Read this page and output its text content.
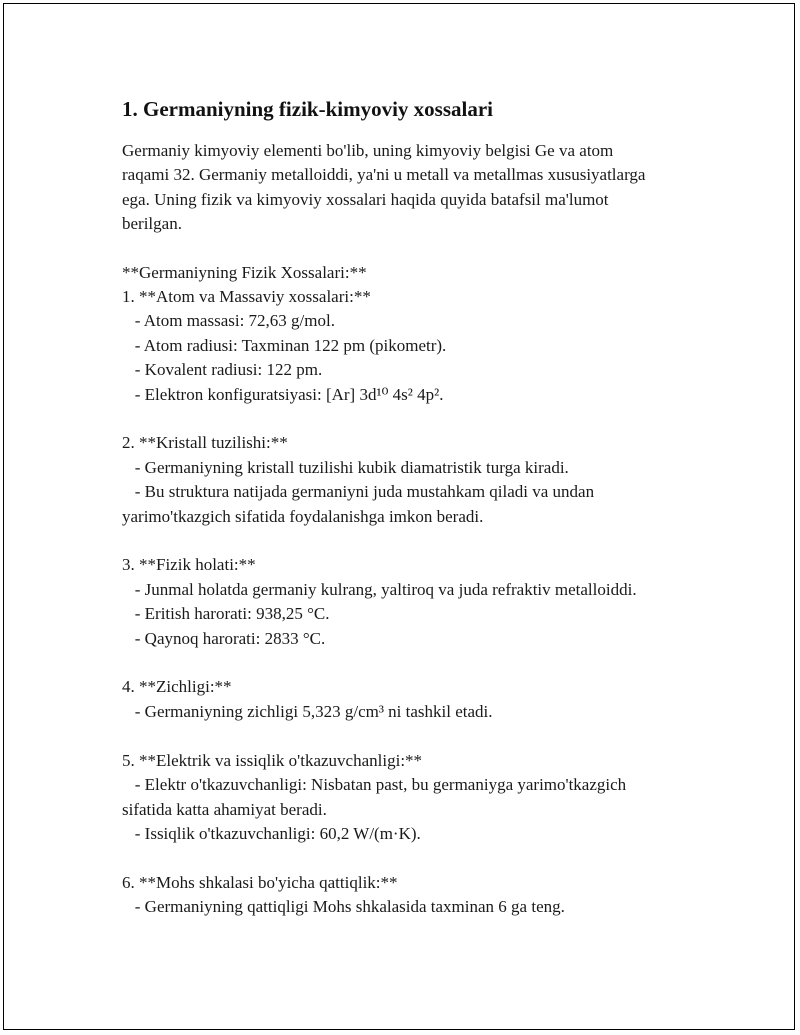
1. Germaniyning fizik-kimyoviy xossalari

Germaniy kimyoviy elementi bo'lib, uning kimyoviy belgisi Ge va atom
raqami 32. Germaniy metalloiddi, ya'ni u metall va metallmas xususiyatlarga
ega. Uning fizik va kimyoviy xossalari haqida quyida batafsil ma'lumot
berilgan.

**Germaniyning Fizik Xossalari:**
1. **Atom va Massaviy xossalari:**
- Atom massasi: 72,63 g/mol.
- Atom radiusi: Taxminan 122 pm (pikometr).
- Kovalent radiusi: 122 pm.
- Elektron konfiguratsiyasi: [Ar] 3d¹⁰ 4s² 4p².
2. **Kristall tuzilishi:**
- Germaniyning kristall tuzilishi kubik diamatristik turga kiradi.
- Bu struktura natijada germaniyni juda mustahkam qiladi va undan
yarimo'tkazgich sifatida foydalanishga imkon beradi.
3. **Fizik holati:**
- Junmal holatda germaniy kulrang, yaltiroq va juda refraktiv metalloiddi.
- Eritish harorati: 938,25 °C.
- Qaynoq harorati: 2833 °C.
4. **Zichligi:**
- Germaniyning zichligi 5,323 g/cm³ ni tashkil etadi.
5. **Elektrik va issiqlik o'tkazuvchanligi:**
- Elektr o'tkazuvchanligi: Nisbatan past, bu germaniyga yarimo'tkazgich
sifatida katta ahamiyat beradi.
- Issiqlik o'tkazuvchanligi: 60,2 W/(m·K).
6. **Mohs shkalasi bo'yicha qattiqlik:**
- Germaniyning qattiqligi Mohs shkalasida taxminan 6 ga teng.
